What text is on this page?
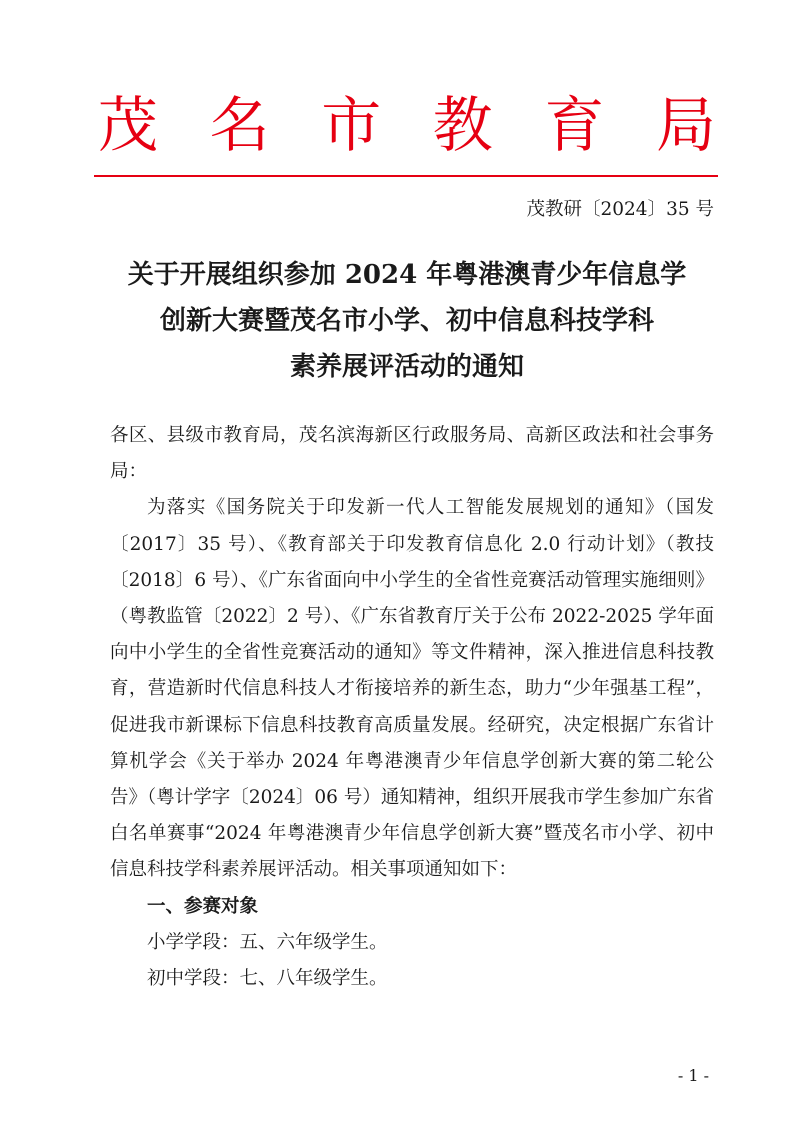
茂 名 市 教 育 局
茂教研〔2024〕35 号
关于开展组织参加 2024 年粤港澳青少年信息学
创新大赛暨茂名市小学、初中信息科技学科
素养展评活动的通知

各区、县级市教育局，茂名滨海新区行政服务局、高新区政法和社会事务局：

为落实《国务院关于印发新一代人工智能发展规划的通知》（国发〔2017〕35 号）、《教育部关于印发教育信息化 2.0 行动计划》（教技〔2018〕6 号）、《广东省面向中小学生的全省性竞赛活动管理实施细则》（粤教监管〔2022〕2 号）、《广东省教育厅关于公布 2022-2025 学年面向中小学生的全省性竞赛活动的通知》等文件精神，深入推进信息科技教育，营造新时代信息科技人才衔接培养的新生态，助力“少年强基工程”，促进我市新课标下信息科技教育高质量发展。经研究，决定根据广东省计算机学会《关于举办 2024 年粤港澳青少年信息学创新大赛的第二轮公告》（粤计学字〔2024〕06 号）通知精神，组织开展我市学生参加广东省白名单赛事“2024 年粤港澳青少年信息学创新大赛”暨茂名市小学、初中信息科技学科素养展评活动。相关事项通知如下：

一、参赛对象

小学学段：五、六年级学生。

初中学段：七、八年级学生。

- 1 -
